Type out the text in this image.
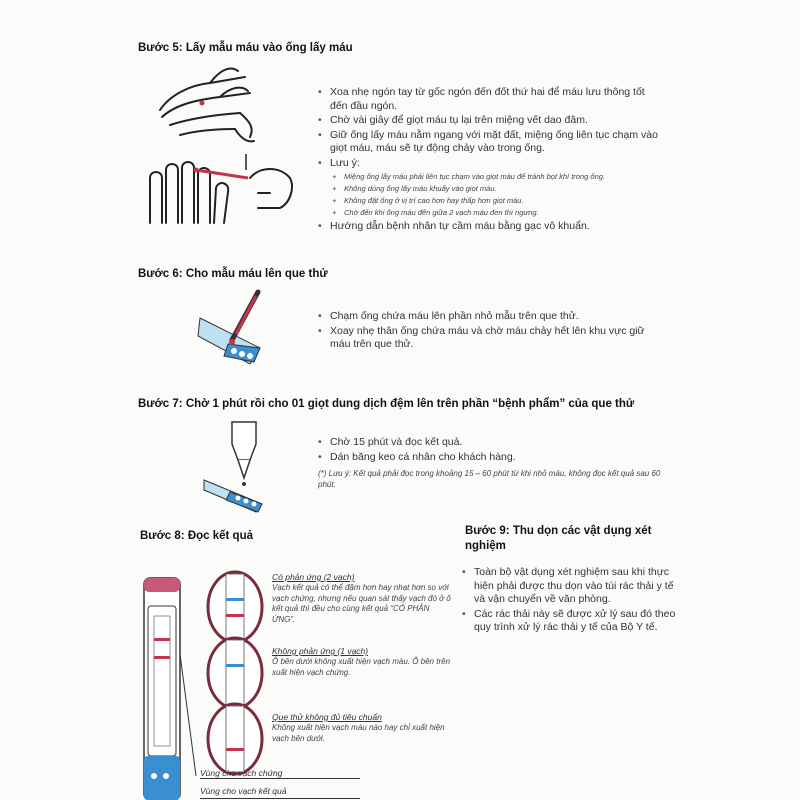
Bước 5: Lấy mẫu máu vào ống lấy máu
• Xoa nhẹ ngón tay từ gốc ngón đến đốt thứ hai để máu lưu thông tốt đến đầu ngón.
• Chờ vài giây để giọt máu tụ lại trên miệng vết dao đâm.
• Giữ ống lấy máu nằm ngang với mặt đất, miệng ống liên tục chạm vào giọt máu, máu sẽ tự động chảy vào trong ống.
• Lưu ý:
+ Miệng ống lấy máu phải liên tục chạm vào giọt máu để tránh bọt khí trong ống.
+ Không dùng ống lấy máu khuấy vào giọt máu.
+ Không đặt ống ở vị trí cao hơn hay thấp hơn giọt máu.
+ Chờ đến khi ống máu đến giữa 2 vạch máu đen thì ngưng.
• Hướng dẫn bệnh nhân tự cầm máu bằng gạc vô khuẩn.
Bước 6: Cho mẫu máu lên que thử
• Chạm ống chứa máu lên phần nhỏ mẫu trên que thử.
• Xoay nhẹ thân ống chứa máu và chờ máu chảy hết lên khu vực giữ máu trên que thử.
Bước 7: Chờ 1 phút rồi cho 01 giọt dung dịch đệm lên trên phần “bệnh phẩm” của que thử
• Chờ 15 phút và đọc kết quả.
• Dán băng keo cá nhân cho khách hàng.
(*) Lưu ý: Kết quả phải đọc trong khoảng 15 – 60 phút từ khi nhỏ máu, không đọc kết quả sau 60 phút.
Bước 8: Đọc kết quả
Có phản ứng (2 vạch)
Vạch kết quả có thể đậm hơn hay nhạt hơn so với vạch chứng, nhưng nếu quan sát thấy vạch đó ở ô kết quả thì đều cho cùng kết quả “CÓ PHẢN ỨNG”.
Không phản ứng (1 vạch)
Ô bên dưới không xuất hiện vạch màu. Ô bên trên xuất hiện vạch chứng.
Que thử không đủ tiêu chuẩn
Không xuất hiện vạch màu nào hay chỉ xuất hiện vạch bên dưới.
Vùng cho vạch chứng
Vùng cho vạch kết quả
Bước 9: Thu dọn các vật dụng xét nghiệm
• Toàn bộ vật dụng xét nghiệm sau khi thực hiện phải được thu dọn vào túi rác thải y tế và vận chuyển về văn phòng.
• Các rác thải này sẽ được xử lý sau đó theo quy trình xử lý rác thải y tế của Bộ Y tế.
